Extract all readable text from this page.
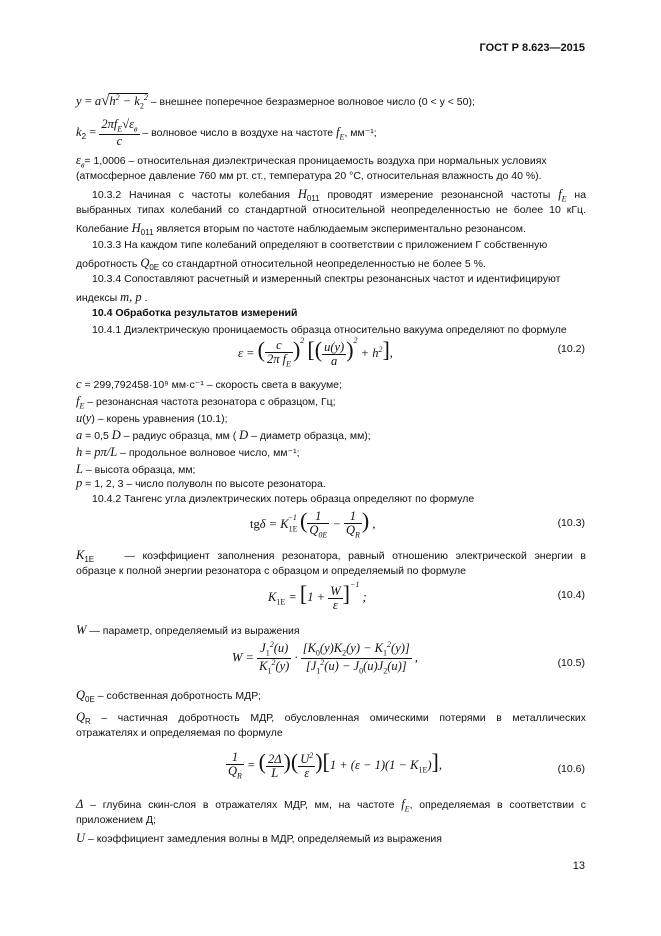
ГОСТ Р 8.623—2015
$y = a√h^2 - k_2^2$ – внешнее поперечное безразмерное волновое число (0 < y < 50);
$k_2$ =
$2\pi f_E√\varepsilon_в$
c
– волновое число в воздухе на частоте $f_E$, мм⁻¹;
$\varepsilon_в= 1,0006$ – относительная диэлектрическая проницаемость воздуха при нормальных условиях
(атмосферное давление 760 мм рт. ст., температура 20 °С, относительная влажность до 40 %).
10.3.2 Начиная с частоты колебания $H_{011}$ проводят измерение резонансной частоты $f_E$ на
выбранных типах колебаний со стандартной относительной неопределенностью не более 10 кГц.
Колебание $H_{011}$ является вторым по частоте наблюдаемым экспериментально резонансом.
10.3.3 На каждом типе колебаний определяют в соответствии с приложением Г собственную
добротность $Q_{0E}$ со стандартной относительной неопределенностью не более 5 %.
10.3.4 Сопоставляют расчетный и измеренный спектры резонансных частот и идентифицируют
индексы m, p .
10.4 Обработка результатов измерений
10.4.1 Диэлектрическую проницаемость образца относительно вакуума определяют по формуле
ε = ( $\frac{c}{2\pi f_E} )^2$ [( $\frac{u(y)}{a} )^2 + h^2$],	(10.2)
c = 299,792458·10⁹ мм·с⁻¹ – скорость света в вакууме;
$f_E$ – резонансная частота резонатора с образцом, Гц;
u(y) – корень уравнения (10.1);
a = 0,5 D – радиус образца, мм ( D – диаметр образца, мм);
h = pπ/L – продольное волновое число, мм⁻¹;
L – высота образца, мм;
p = 1, 2, 3 – число полуволн по высоте резонатора.
10.4.2 Тангенс угла диэлектрических потерь образца определяют по формуле
$tg\delta = K_{1E}^{-1}$ ( $\frac{1}{Q_{0E}} - \frac{1}{Q_R}$ ) ,	(10.3)
$K_{1E}$	— коэффициент заполнения резонатора, равный отношению электрической энергии в
образце к полной энергии резонатора с образцом и определяемый по формуле
$K_{1E} = [1 + \frac{W}{\varepsilon} ]^{-1}$ ;	(10.4)
W — параметр, определяемый из выражения
$W = \frac{J_1^2(u)}{K_1^2(y)} \cdot \frac{[K_0(y)K_2(y) - K_1^2(y)]}{[J_1^2(u) - J_0(u)J_2(u)]}$ ,	(10.5)
$Q_{0E}$ – собственная добротность МДР;
$Q_R$ – частичная добротность МДР, обусловленная омическими потерями в металлических
отражателях и определяемая по формуле
$\frac{1}{Q_R}$ = ( $\frac{2\Delta}{L}$ )( $\frac{U^2}{\varepsilon} )[1 + (\varepsilon - 1)(1 - K_{1E})]$,	(10.6)
Δ – глубина скин-слоя в отражателях МДР, мм, на частоте $f_E$, определяемая в соответствии с
приложением Д;
U – коэффициент замедления волны в МДР, определяемый из выражения
13
